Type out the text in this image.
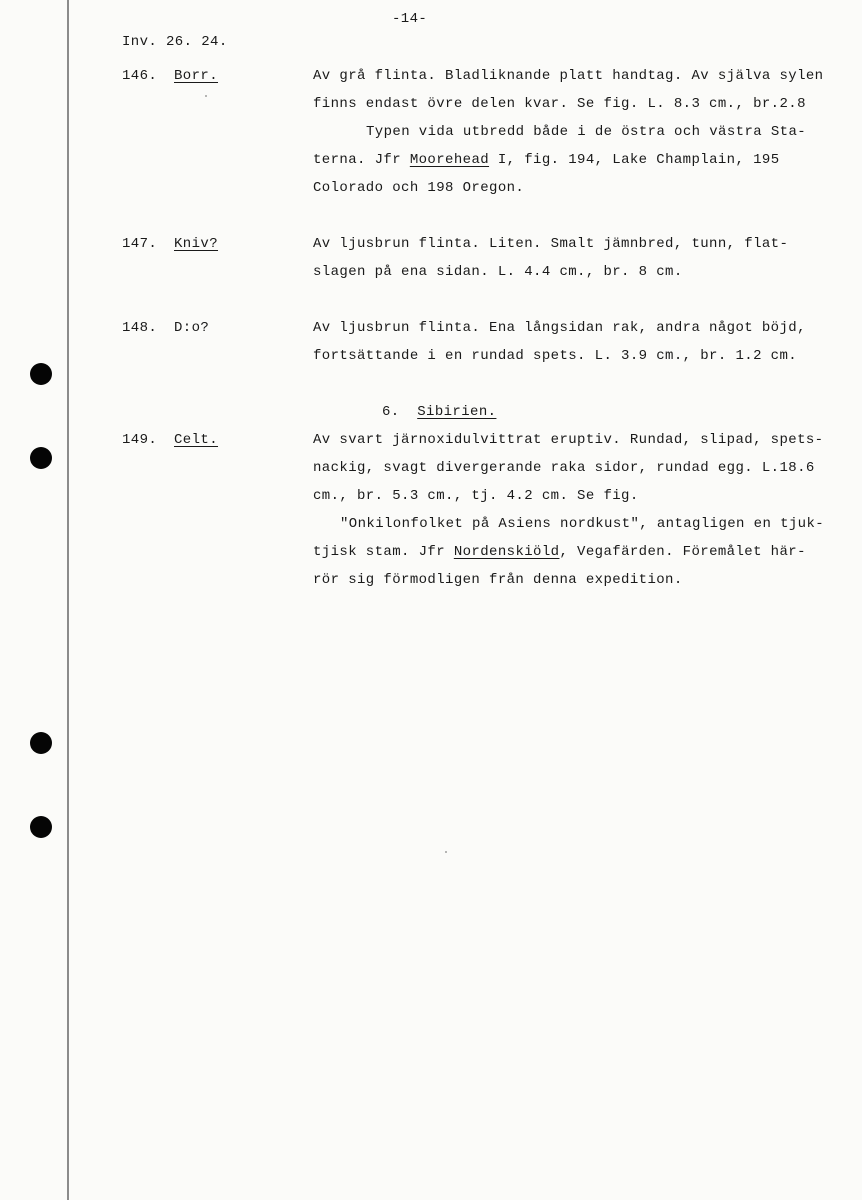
-14-
Inv. 26. 24.
146. Borr.	Av grå flinta. Bladliknande platt handtag. Av själva sylen
finns endast övre delen kvar. Se fig. L. 8.3 cm., br.2.8
Typen vida utbredd både i de östra och västra Sta-
terna. Jfr Moorehead I, fig. 194, Lake Champlain, 195
Colorado och 198 Oregon.
147. Kniv?	Av ljusbrun flinta. Liten. Smalt jämnbred, tunn, flat-
slagen på ena sidan. L. 4.4 cm., br. 8 cm.
148. D:o?	Av ljusbrun flinta. Ena långsidan rak, andra något böjd,
fortsättande i en rundad spets. L. 3.9 cm., br. 1.2 cm.
6. Sibirien.
149. Celt.	Av svart järnoxidulvittrat eruptiv. Rundad, slipad, spets-
nackig, svagt divergerande raka sidor, rundad egg. L.18.6
cm., br. 5.3 cm., tj. 4.2 cm. Se fig.
"Onkilonfolket på Asiens nordkust", antagligen en tjuk-
tjisk stam. Jfr Nordenskiöld, Vegafärden. Föremålet här-
rör sig förmodligen från denna expedition.
